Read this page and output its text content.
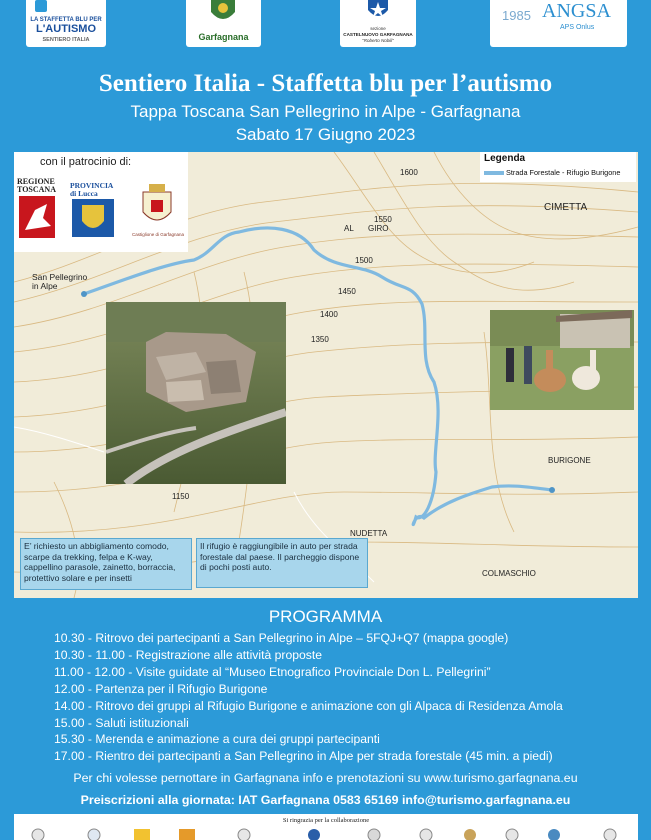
LA STAFFETTA BLU PER
L'AUTISMO
SENTIERO ITALIA	Garfagnana
sezione
CASTELNUOVO GARFAGNANA
"Roberto Nobili"
1985 ANGSA
APS Onlus
Sentiero Italia - Staffetta blu per l’autismo
Tappa Toscana San Pellegrino in Alpe - Garfagnana
Sabato 17 Giugno 2023
San Pellegrino in Alpe
CIMETTA
AL GIRO
BURIGONE
NUDETTA
COLMASCHIO
1600
1550
1500
1450
1400
1350
1150
con il patrocinio di:
REGIONE TOSCANA	PROVINCIA di Lucca
Castiglione di Garfagnana
Legenda
Strada Forestale - Rifugio Burigone
E’ richiesto un abbigliamento comodo, scarpe da trekking, felpa e K-way, cappellino parasole, zainetto, borraccia, protettivo solare e per insetti
Il rifugio è raggiungibile in auto per strada forestale dal paese. Il parcheggio dispone di pochi posti auto.
PROGRAMMA
10.30 - Ritrovo dei partecipanti a San Pellegrino in Alpe – 5FQJ+Q7 (mappa google)
10.30 - 11.00 - Registrazione alle attività proposte
11.00 - 12.00 - Visite guidate al “Museo Etnografico Provinciale Don L. Pellegrini”
12.00 - Partenza per il Rifugio Burigone
14.00 - Ritrovo dei gruppi al Rifugio Burigone e animazione con gli Alpaca di Residenza Amola
15.00 - Saluti istituzionali
15.30 - Merenda e animazione a cura dei gruppi partecipanti
17.00 - Rientro dei partecipanti a San Pellegrino in Alpe per strada forestale (45 min. a piedi)
Per chi volesse pernottare in Garfagnana info e prenotazioni su www.turismo.garfagnana.eu
Preiscrizioni alla giornata: IAT Garfagnana 0583 65169 info@turismo.garfagnana.eu
Si ringrazia per la collaborazione
